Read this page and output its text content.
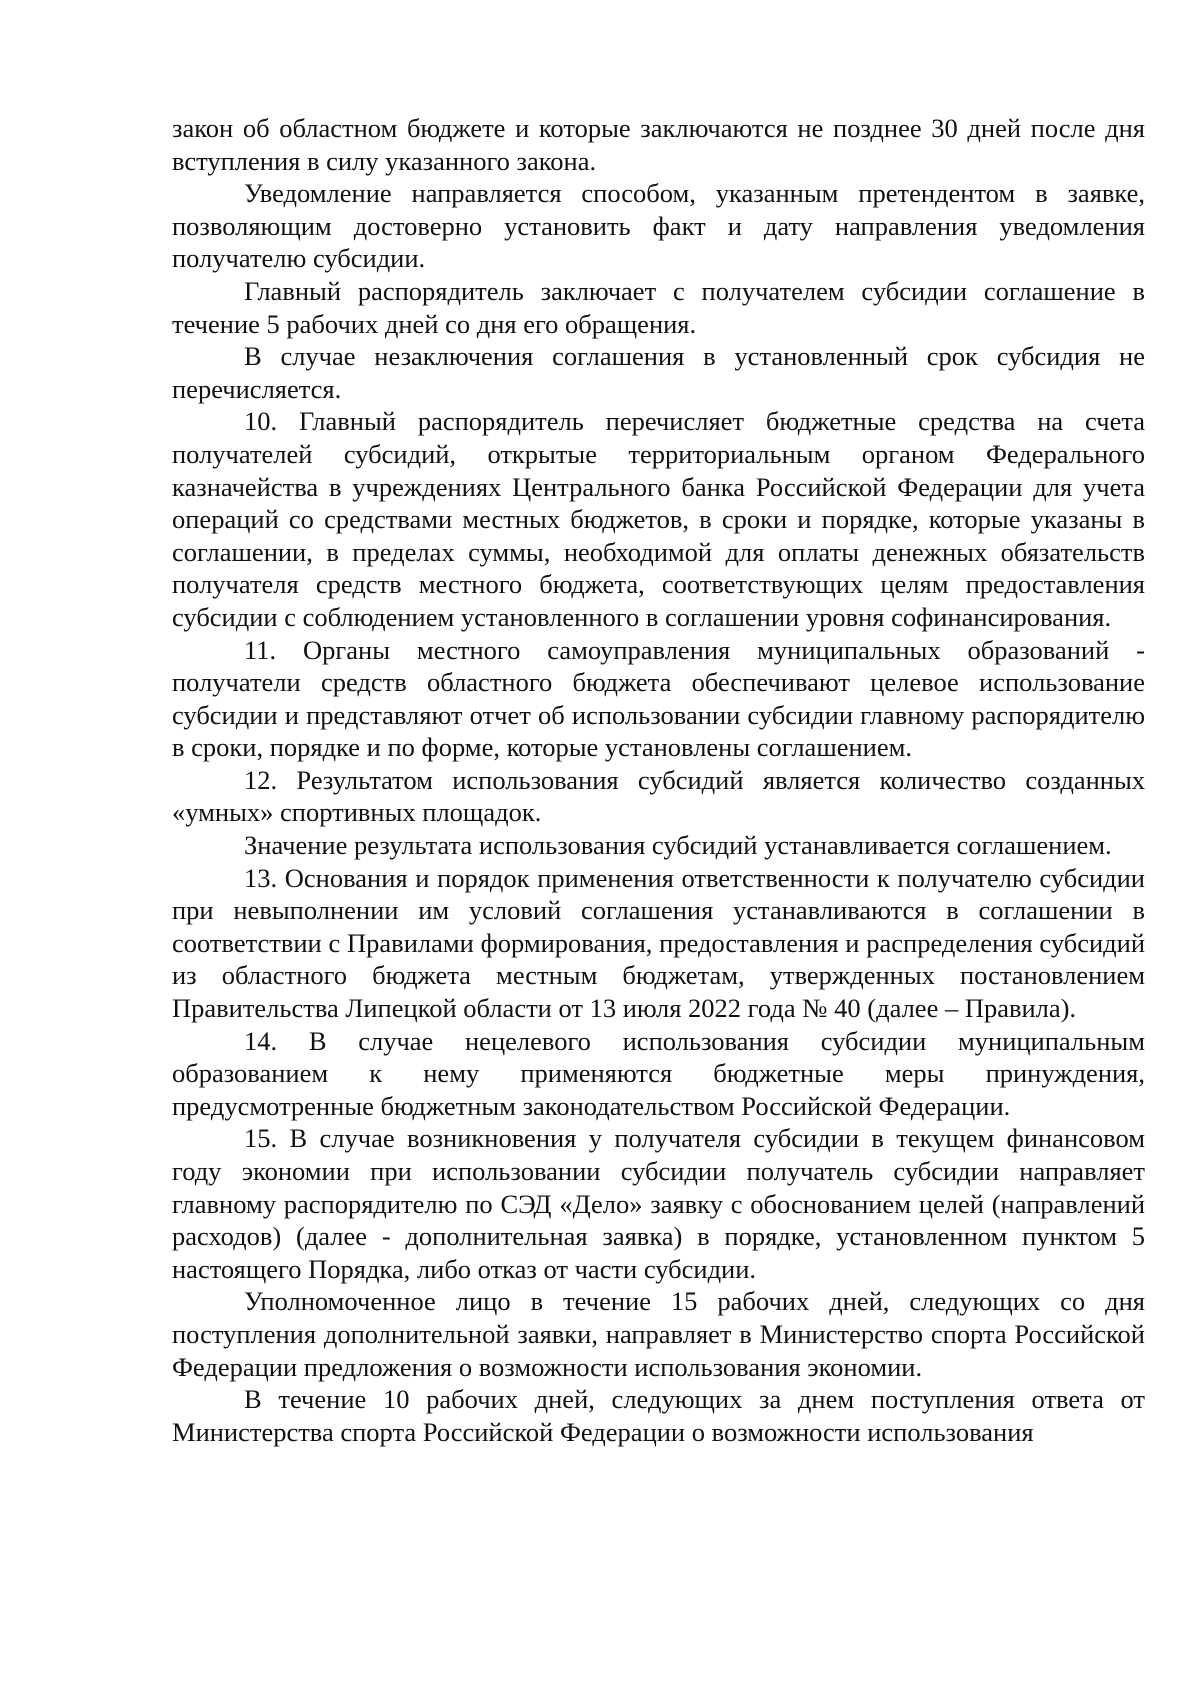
закон об областном бюджете и которые заключаются не позднее 30 дней после дня вступления в силу указанного закона.

Уведомление направляется способом, указанным претендентом в заявке, позволяющим достоверно установить факт и дату направления уведомления получателю субсидии.

Главный распорядитель заключает с получателем субсидии соглашение в течение 5 рабочих дней со дня его обращения.

В случае незаключения соглашения в установленный срок субсидия не перечисляется.

10. Главный распорядитель перечисляет бюджетные средства на счета получателей субсидий, открытые территориальным органом Федерального казначейства в учреждениях Центрального банка Российской Федерации для учета операций со средствами местных бюджетов, в сроки и порядке, которые указаны в соглашении, в пределах суммы, необходимой для оплаты денежных обязательств получателя средств местного бюджета, соответствующих целям предоставления субсидии с соблюдением установленного в соглашении уровня софинансирования.

11. Органы местного самоуправления муниципальных образований - получатели средств областного бюджета обеспечивают целевое использование субсидии и представляют отчет об использовании субсидии главному распорядителю в сроки, порядке и по форме, которые установлены соглашением.

12. Результатом использования субсидий является количество созданных «умных» спортивных площадок.

Значение результата использования субсидий устанавливается соглашением.

13. Основания и порядок применения ответственности к получателю субсидии при невыполнении им условий соглашения устанавливаются в соглашении в соответствии с Правилами формирования, предоставления и распределения субсидий из областного бюджета местным бюджетам, утвержденных постановлением Правительства Липецкой области от 13 июля 2022 года № 40 (далее – Правила).

14. В случае нецелевого использования субсидии муниципальным образованием к нему применяются бюджетные меры принуждения, предусмотренные бюджетным законодательством Российской Федерации.

15. В случае возникновения у получателя субсидии в текущем финансовом году экономии при использовании субсидии получатель субсидии направляет главному распорядителю по СЭД «Дело» заявку с обоснованием целей (направлений расходов) (далее - дополнительная заявка) в порядке, установленном пунктом 5 настоящего Порядка, либо отказ от части субсидии.

Уполномоченное лицо в течение 15 рабочих дней, следующих со дня поступления дополнительной заявки, направляет в Министерство спорта Российской Федерации предложения о возможности использования экономии.

В течение 10 рабочих дней, следующих за днем поступления ответа от Министерства спорта Российской Федерации о возможности использования
